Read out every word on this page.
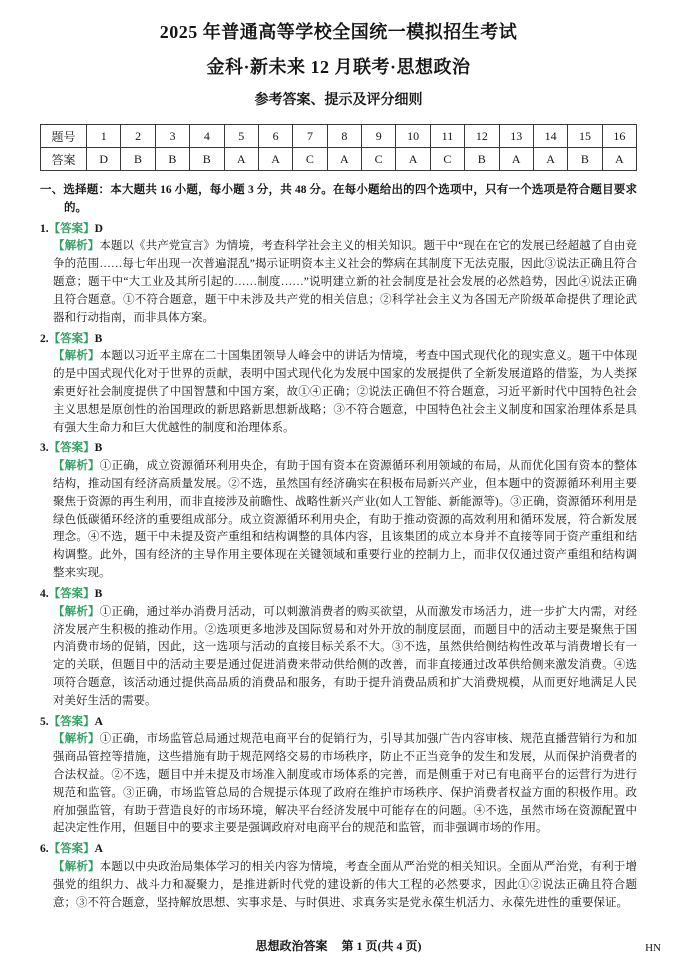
2025 年普通高等学校全国统一模拟招生考试
金科·新未来 12 月联考·思想政治
参考答案、提示及评分细则
题号	1	2	3	4	5	6	7	8	9	10	11	12	13	14	15	16
答案	D	B	B	B	A	A	C	A	C	A	C	B	A	A	B	A
一、选择题：本大题共 16 小题，每小题 3 分，共 48 分。在每小题给出的四个选项中，只有一个选项是符合题目要求的。
1.【答案】D
【解析】本题以《共产党宣言》为情境，考查科学社会主义的相关知识。题干中“现在在它的发展已经超越了自由竞争的范围……每七年出现一次普遍混乱”揭示证明资本主义社会的弊病在其制度下无法克服，因此③说法正确且符合题意；题干中“大工业及其所引起的……制度……”说明建立新的社会制度是社会发展的必然趋势，因此④说法正确且符合题意。①不符合题意，题干中未涉及共产党的相关信息；②科学社会主义为各国无产阶级革命提供了理论武器和行动指南，而非具体方案。
2.【答案】B
【解析】本题以习近平主席在二十国集团领导人峰会中的讲话为情境，考查中国式现代化的现实意义。题干中体现的是中国式现代化对于世界的贡献，表明中国式现代化为发展中国家的发展提供了全新发展道路的借鉴，为人类探索更好社会制度提供了中国智慧和中国方案，故①④正确；②说法正确但不符合题意，习近平新时代中国特色社会主义思想是原创性的治国理政的新思路新思想新战略；③不符合题意，中国特色社会主义制度和国家治理体系是具有强大生命力和巨大优越性的制度和治理体系。
3.【答案】B
【解析】①正确，成立资源循环利用央企，有助于国有资本在资源循环利用领域的布局，从而优化国有资本的整体结构，推动国有经济高质量发展。②不选，虽然国有经济确实在积极布局新兴产业，但本题中的资源循环利用主要聚焦于资源的再生利用，而非直接涉及前瞻性、战略性新兴产业(如人工智能、新能源等)。③正确，资源循环利用是绿色低碳循环经济的重要组成部分。成立资源循环利用央企，有助于推动资源的高效利用和循环发展，符合新发展理念。④不选，题干中未提及资产重组和结构调整的具体内容，且该集团的成立本身并不直接等同于资产重组和结构调整。此外，国有经济的主导作用主要体现在关键领域和重要行业的控制力上，而非仅仅通过资产重组和结构调整来实现。
4.【答案】B
【解析】①正确，通过举办消费月活动，可以刺激消费者的购买欲望，从而激发市场活力，进一步扩大内需，对经济发展产生积极的推动作用。②选项更多地涉及国际贸易和对外开放的制度层面，而题目中的活动主要是聚焦于国内消费市场的促销，因此，这一选项与活动的直接目标关系不大。③不选，虽然供给侧结构性改革与消费增长有一定的关联，但题目中的活动主要是通过促进消费来带动供给侧的改善，而非直接通过改革供给侧来激发消费。④选项符合题意，该活动通过提供高品质的消费品和服务，有助于提升消费品质和扩大消费规模，从而更好地满足人民对美好生活的需要。
5.【答案】A
【解析】①正确，市场监管总局通过规范电商平台的促销行为，引导其加强广告内容审核、规范直播营销行为和加强商品管控等措施，这些措施有助于规范网络交易的市场秩序，防止不正当竞争的发生和发展，从而保护消费者的合法权益。②不选，题目中并未提及市场准入制度或市场体系的完善，而是侧重于对已有电商平台的运营行为进行规范和监管。③正确，市场监管总局的合规提示体现了政府在维护市场秩序、保护消费者权益方面的积极作用。政府加强监管，有助于营造良好的市场环境，解决平台经济发展中可能存在的问题。④不选，虽然市场在资源配置中起决定性作用，但题目中的要求主要是强调政府对电商平台的规范和监管，而非强调市场的作用。
6.【答案】A
【解析】本题以中央政治局集体学习的相关内容为情境，考查全面从严治党的相关知识。全面从严治党，有利于增强党的组织力、战斗力和凝聚力，是推进新时代党的建设新的伟大工程的必然要求，因此①②说法正确且符合题意；③不符合题意，坚持解放思想、实事求是、与时俱进、求真务实是党永葆生机活力、永葆先进性的重要保证。
思想政治答案 第 1 页(共 4 页)	HN
